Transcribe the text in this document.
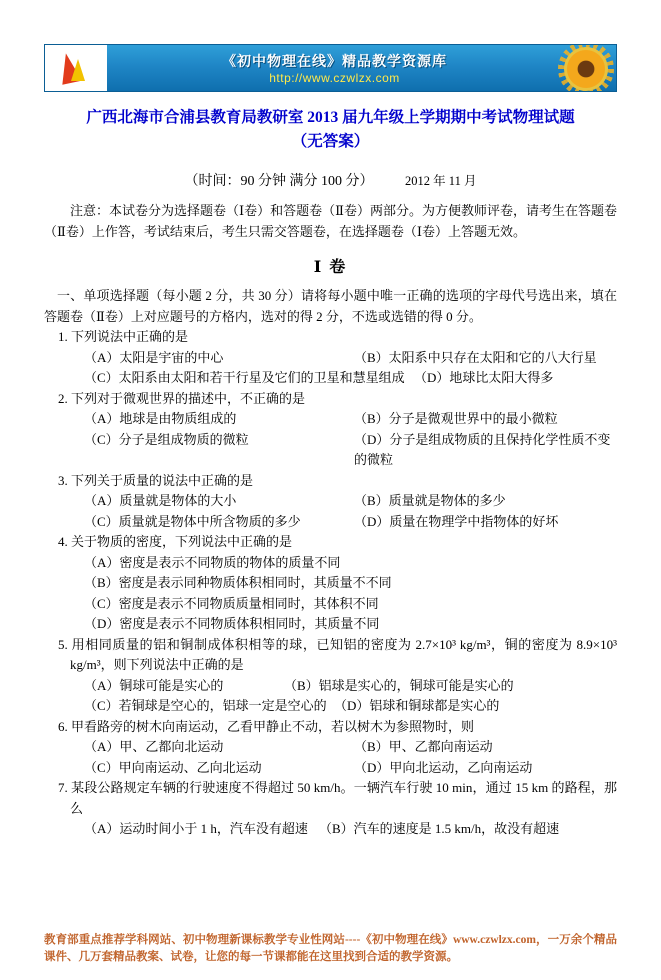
《初中物理在线》精品教学资源库
http://www.czwlzx.com
广西北海市合浦县教育局教研室 2013 届九年级上学期期中考试物理试题
（无答案）
（时间：90 分钟 满分 100 分）	2012 年 11 月
注意：本试卷分为选择题卷（Ⅰ卷）和答题卷（Ⅱ卷）两部分。为方便教师评卷，请考生在答题卷（Ⅱ卷）上作答，考试结束后，考生只需交答题卷，在选择题卷（Ⅰ卷）上答题无效。
Ⅰ 卷
一、单项选择题（每小题 2 分，共 30 分）请将每小题中唯一正确的选项的字母代号选出来，填在答题卷（Ⅱ卷）上对应题号的方格内，选对的得 2 分，不选或选错的得 0 分。
1. 下列说法中正确的是
（A）太阳是宇宙的中心	（B）太阳系中只存在太阳和它的八大行星
（C）太阳系由太阳和若干行星及它们的卫星和慧星组成 （D）地球比太阳大得多
2. 下列对于微观世界的描述中，不正确的是
（A）地球是由物质组成的	（B）分子是微观世界中的最小微粒
（C）分子是组成物质的微粒	（D）分子是组成物质的且保持化学性质不变的微粒
3. 下列关于质量的说法中正确的是
（A）质量就是物体的大小	（B）质量就是物体的多少
（C）质量就是物体中所含物质的多少	（D）质量在物理学中指物体的好坏
4. 关于物质的密度，下列说法中正确的是
（A）密度是表示不同物质的物体的质量不同
（B）密度是表示同种物质体积相同时，其质量不不同
（C）密度是表示不同物质质量相同时，其体积不同
（D）密度是表示不同物质体积相同时，其质量不同
5. 用相同质量的铝和铜制成体积相等的球，已知铝的密度为 2.7×10³ kg/m³，铜的密度为 8.9×10³ kg/m³，则下列说法中正确的是
（A）铜球可能是实心的	（B）铝球是实心的，铜球可能是实心的
（C）若铜球是空心的，铝球一定是空心的 （D）铝球和铜球都是实心的
6. 甲看路旁的树木向南运动，乙看甲静止不动，若以树木为参照物时，则
（A）甲、乙都向北运动	（B）甲、乙都向南运动
（C）甲向南运动、乙向北运动	（D）甲向北运动，乙向南运动
7. 某段公路规定车辆的行驶速度不得超过 50 km/h。一辆汽车行驶 10 min，通过 15 km 的路程，那么
（A）运动时间小于 1 h，汽车没有超速 （B）汽车的速度是 1.5 km/h，故没有超速
教育部重点推荐学科网站、初中物理新课标教学专业性网站----《初中物理在线》www.czwlzx.com，一万余个精品课件、几万套精品教案、试卷，让您的每一节课都能在这里找到合适的教学资源。
